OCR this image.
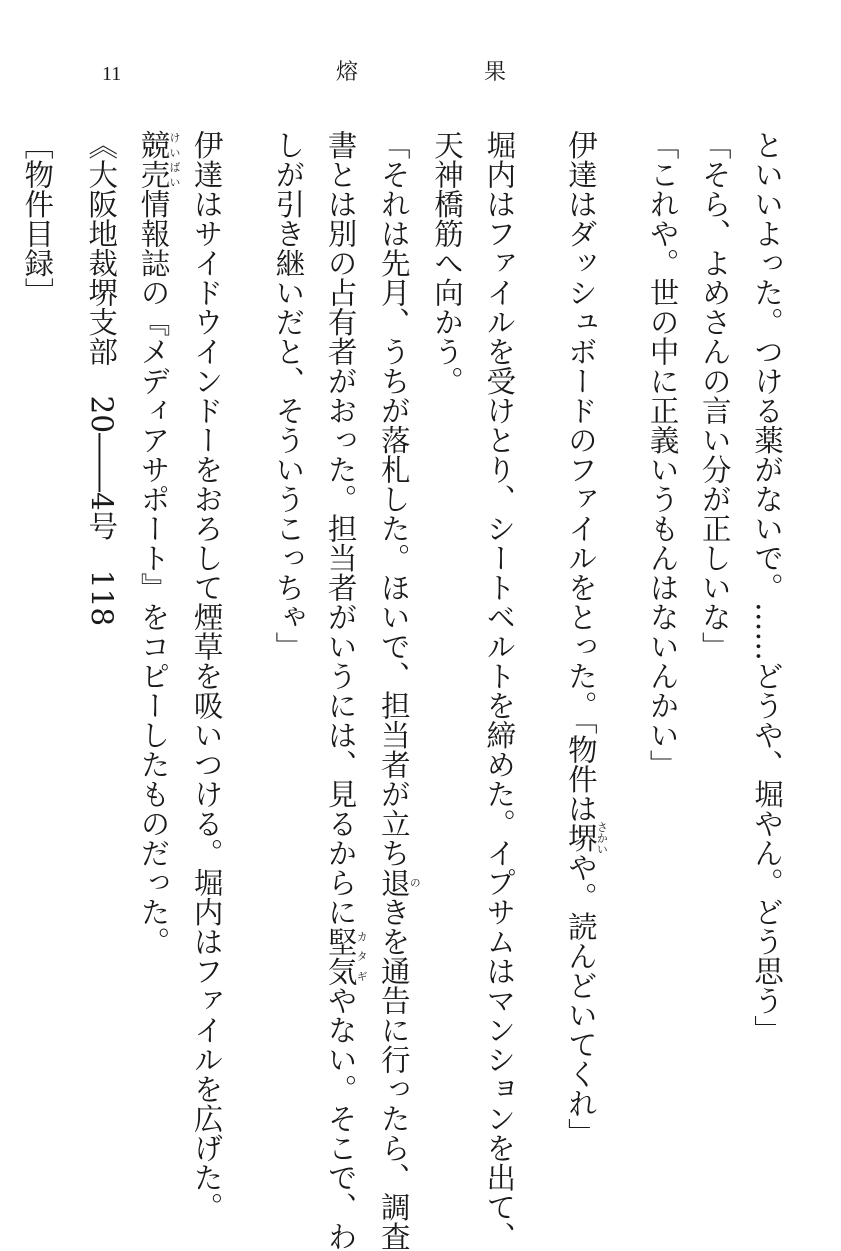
11	熔	果
といいよった。つける薬がないで。……どうや、堀やん。どう思う」
「そら、よめさんの言い分が正しいな」
「これや。世の中に正義いうもんはないんかい」
伊達はダッシュボードのファイルをとった。「物件は堺さかいや。読んどいてくれ」
堀内はファイルを受けとり、シートベルトを締めた。イプサムはマンションを出て、
天神橋筋へ向かう。
「それは先月、うちが落札した。ほいで、担当者が立ち退のきを通告に行ったら、調査
書とは別の占有者がおった。担当者がいうには、見るからに堅気カタギやない。そこで、わ
しが引き継いだと、そういうこっちゃ」
伊達はサイドウインドーをおろして煙草を吸いつける。堀内はファイルを広げた。
競売けいばい情報誌の『メディアサポート』をコピーしたものだった。
《大阪地裁堺支部　20――4号　118
［物件目録］
